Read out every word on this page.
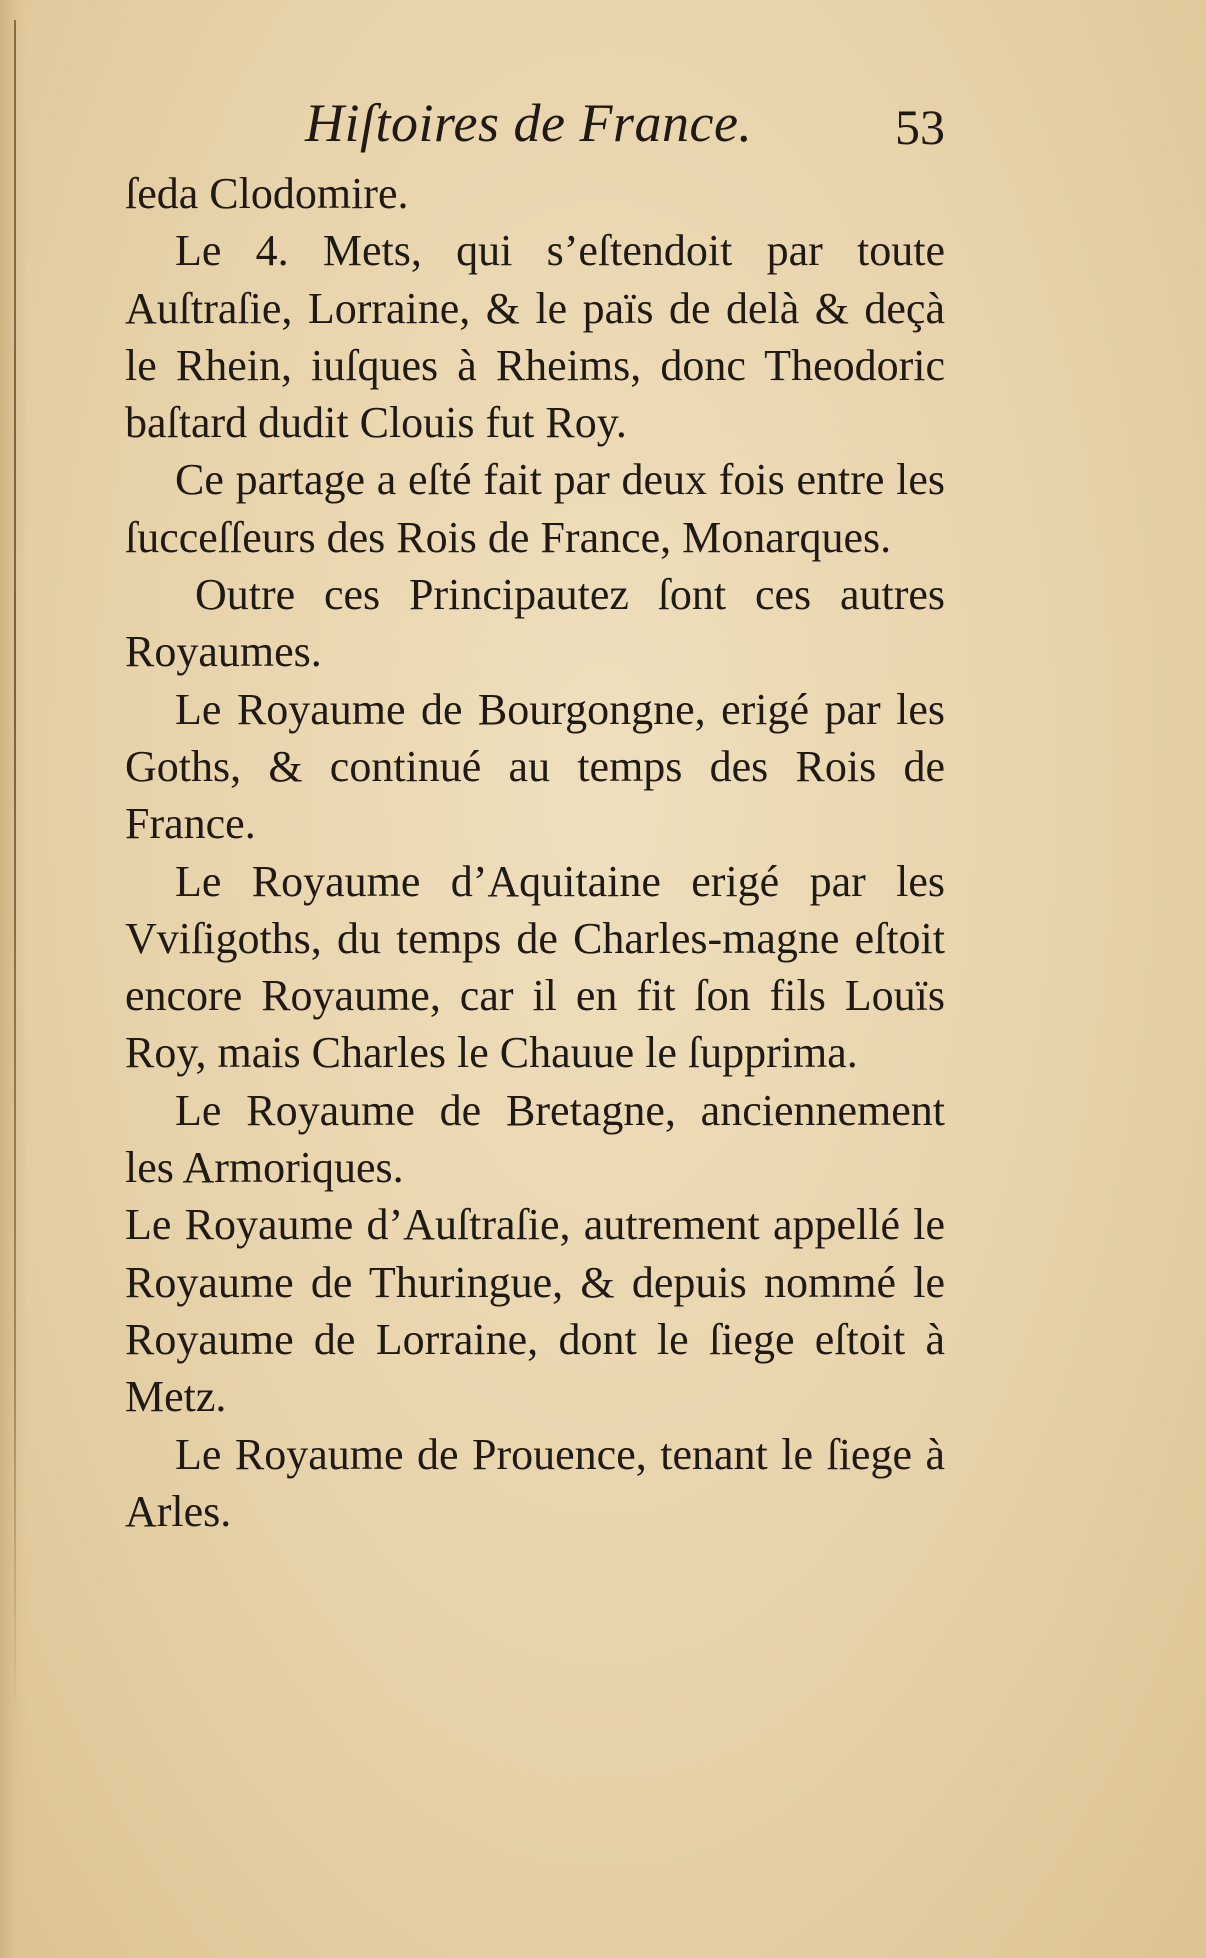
Hiſtoires de France.	53

ſeda Clodomire.

Le 4. Mets, qui s’eſtendoit par toute Auſtraſie, Lorraine, & le païs de delà & deçà le Rhein, iuſques à Rheims, donc Theodoric baſtard dudit Clouis fut Roy.

Ce partage a eſté fait par deux fois entre les ſucceſſeurs des Rois de France, Monarques.

Outre ces Principautez ſont ces autres Royaumes.

Le Royaume de Bourgongne, erigé par les Goths, & continué au temps des Rois de France.

Le Royaume d’Aquitaine erigé par les Vviſigoths, du temps de Charles-magne eſtoit encore Royaume, car il en fit ſon fils Louïs Roy, mais Charles le Chauue le ſupprima.

Le Royaume de Bretagne, anciennement les Armoriques.

Le Royaume d’Auſtraſie, autrement appellé le Royaume de Thuringue, & depuis nommé le Royaume de Lorraine, dont le ſiege eſtoit à Metz.

Le Royaume de Prouence, tenant le ſiege à Arles.
